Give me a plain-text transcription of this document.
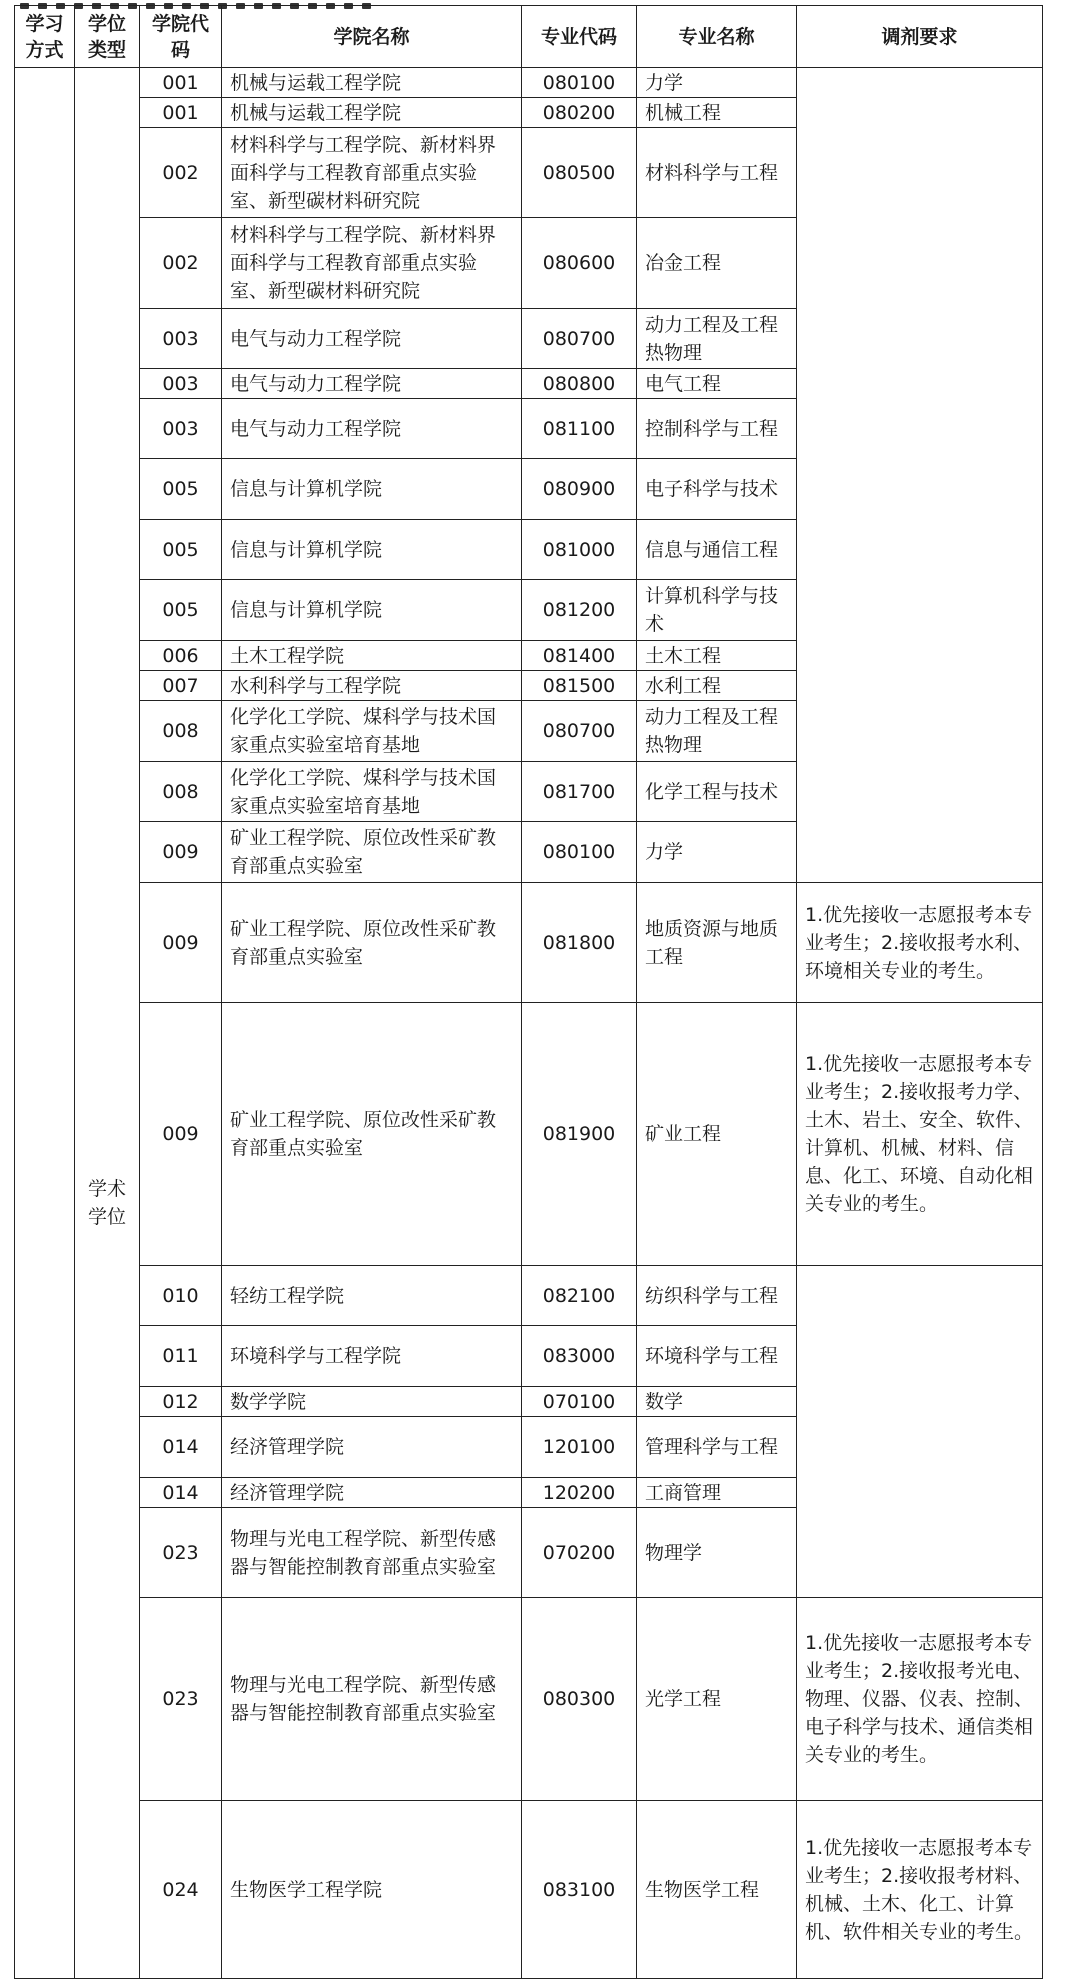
学习方式	学位类型	学院代码	学院名称	专业代码	专业名称	调剂要求
	学术学位	001	机械与运载工程学院	080100	力学	
		001	机械与运载工程学院	080200	机械工程	
		002	材料科学与工程学院、新材料界面科学与工程教育部重点实验室、新型碳材料研究院	080500	材料科学与工程	
		002	材料科学与工程学院、新材料界面科学与工程教育部重点实验室、新型碳材料研究院	080600	冶金工程	
		003	电气与动力工程学院	080700	动力工程及工程热物理	
		003	电气与动力工程学院	080800	电气工程	
		003	电气与动力工程学院	081100	控制科学与工程	
		005	信息与计算机学院	080900	电子科学与技术	
		005	信息与计算机学院	081000	信息与通信工程	
		005	信息与计算机学院	081200	计算机科学与技术	
		006	土木工程学院	081400	土木工程	
		007	水利科学与工程学院	081500	水利工程	
		008	化学化工学院、煤科学与技术国家重点实验室培育基地	080700	动力工程及工程热物理	
		008	化学化工学院、煤科学与技术国家重点实验室培育基地	081700	化学工程与技术	
		009	矿业工程学院、原位改性采矿教育部重点实验室	080100	力学	
		009	矿业工程学院、原位改性采矿教育部重点实验室	081800	地质资源与地质工程	1.优先接收一志愿报考本专业考生；2.接收报考水利、环境相关专业的考生。
		009	矿业工程学院、原位改性采矿教育部重点实验室	081900	矿业工程	1.优先接收一志愿报考本专业考生；2.接收报考力学、土木、岩土、安全、软件、计算机、机械、材料、信息、化工、环境、自动化相关专业的考生。
		010	轻纺工程学院	082100	纺织科学与工程	
		011	环境科学与工程学院	083000	环境科学与工程	
		012	数学学院	070100	数学	
		014	经济管理学院	120100	管理科学与工程	
		014	经济管理学院	120200	工商管理	
		023	物理与光电工程学院、新型传感器与智能控制教育部重点实验室	070200	物理学	
		023	物理与光电工程学院、新型传感器与智能控制教育部重点实验室	080300	光学工程	1.优先接收一志愿报考本专业考生；2.接收报考光电、物理、仪器、仪表、控制、电子科学与技术、通信类相关专业的考生。
		024	生物医学工程学院	083100	生物医学工程	1.优先接收一志愿报考本专业考生；2.接收报考材料、机械、土木、化工、计算机、软件相关专业的考生。
